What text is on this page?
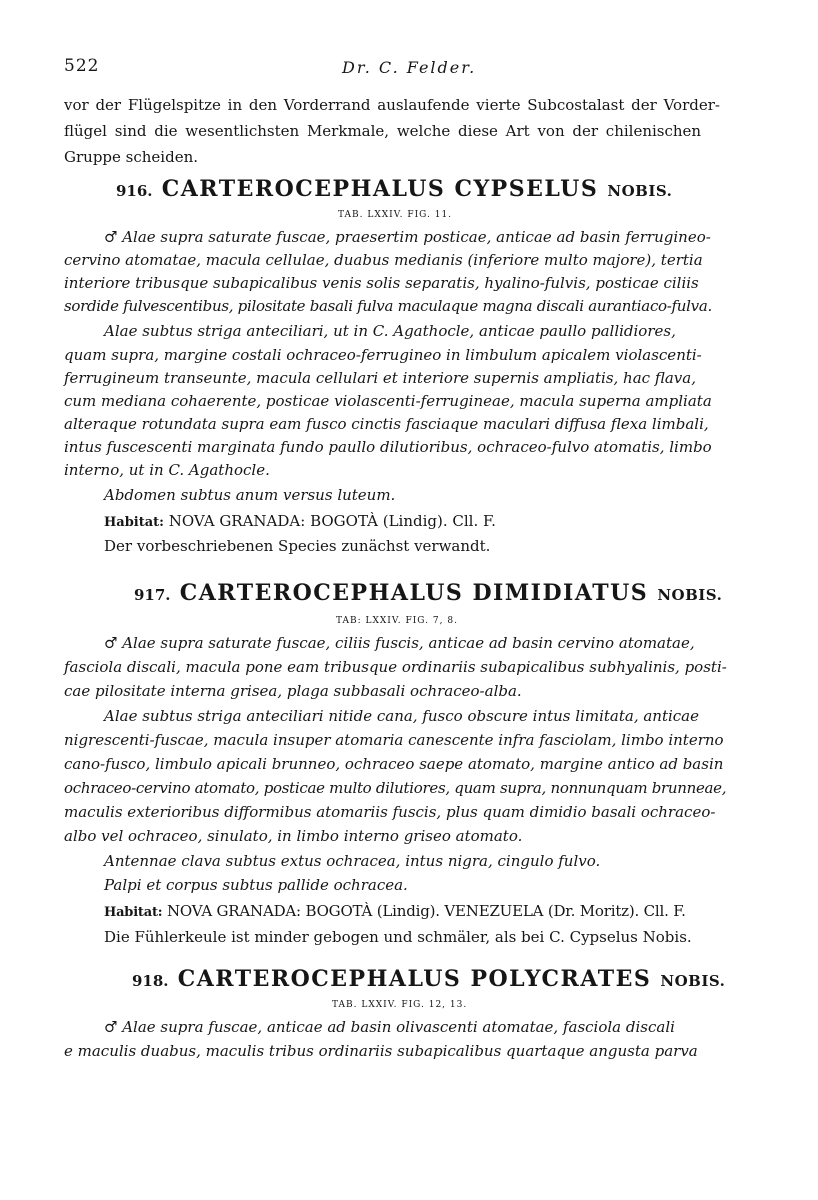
522	Dr. C. Felder.
vor der Flügelspitze in den Vorderrand auslaufende vierte Subcostalast der Vorder-
flügel sind die wesentlichsten Merkmale, welche diese Art von der chilenischen
Gruppe scheiden.
916. CARTEROCEPHALUS CYPSELUS NOBIS.
TAB. LXXIV. FIG. 11.
♂ Alae supra saturate fuscae, praesertim posticae, anticae ad basin ferrugineo-
cervino atomatae, macula cellulae, duabus medianis (inferiore multo majore), tertia
interiore tribusque subapicalibus venis solis separatis, hyalino-fulvis, posticae ciliis
sordide fulvescentibus, pilositate basali fulva maculaque magna discali aurantiaco-fulva.
Alae subtus striga anteciliari, ut in C. Agathocle, anticae paullo pallidiores,
quam supra, margine costali ochraceo-ferrugineo in limbulum apicalem violascenti-
ferrugineum transeunte, macula cellulari et interiore supernis ampliatis, hac flava,
cum mediana cohaerente, posticae violascenti-ferrugineae, macula superna ampliata
alteraque rotundata supra eam fusco cinctis fasciaque maculari diffusa flexa limbali,
intus fuscescenti marginata fundo paullo dilutioribus, ochraceo-fulvo atomatis, limbo
interno, ut in C. Agathocle.
Abdomen subtus anum versus luteum.
Habitat: NOVA GRANADA: BOGOTÀ (Lindig). Cll. F.
Der vorbeschriebenen Species zunächst verwandt.
917. CARTEROCEPHALUS DIMIDIATUS NOBIS.
TAB: LXXIV. FIG. 7, 8.
♂ Alae supra saturate fuscae, ciliis fuscis, anticae ad basin cervino atomatae,
fasciola discali, macula pone eam tribusque ordinariis subapicalibus subhyalinis, posti-
cae pilositate interna grisea, plaga subbasali ochraceo-alba.
Alae subtus striga anteciliari nitide cana, fusco obscure intus limitata, anticae
nigrescenti-fuscae, macula insuper atomaria canescente infra fasciolam, limbo interno
cano-fusco, limbulo apicali brunneo, ochraceo saepe atomato, margine antico ad basin
ochraceo-cervino atomato, posticae multo dilutiores, quam supra, nonnunquam brunneae,
maculis exterioribus difformibus atomariis fuscis, plus quam dimidio basali ochraceo-
albo vel ochraceo, sinulato, in limbo interno griseo atomato.
Antennae clava subtus extus ochracea, intus nigra, cingulo fulvo.
Palpi et corpus subtus pallide ochracea.
Habitat: NOVA GRANADA: BOGOTÀ (Lindig). VENEZUELA (Dr. Moritz). Cll. F.
Die Fühlerkeule ist minder gebogen und schmäler, als bei C. Cypselus Nobis.
918. CARTEROCEPHALUS POLYCRATES NOBIS.
TAB. LXXIV. FIG. 12, 13.
♂ Alae supra fuscae, anticae ad basin olivascenti atomatae, fasciola discali
e maculis duabus, maculis tribus ordinariis subapicalibus quartaque angusta parva
